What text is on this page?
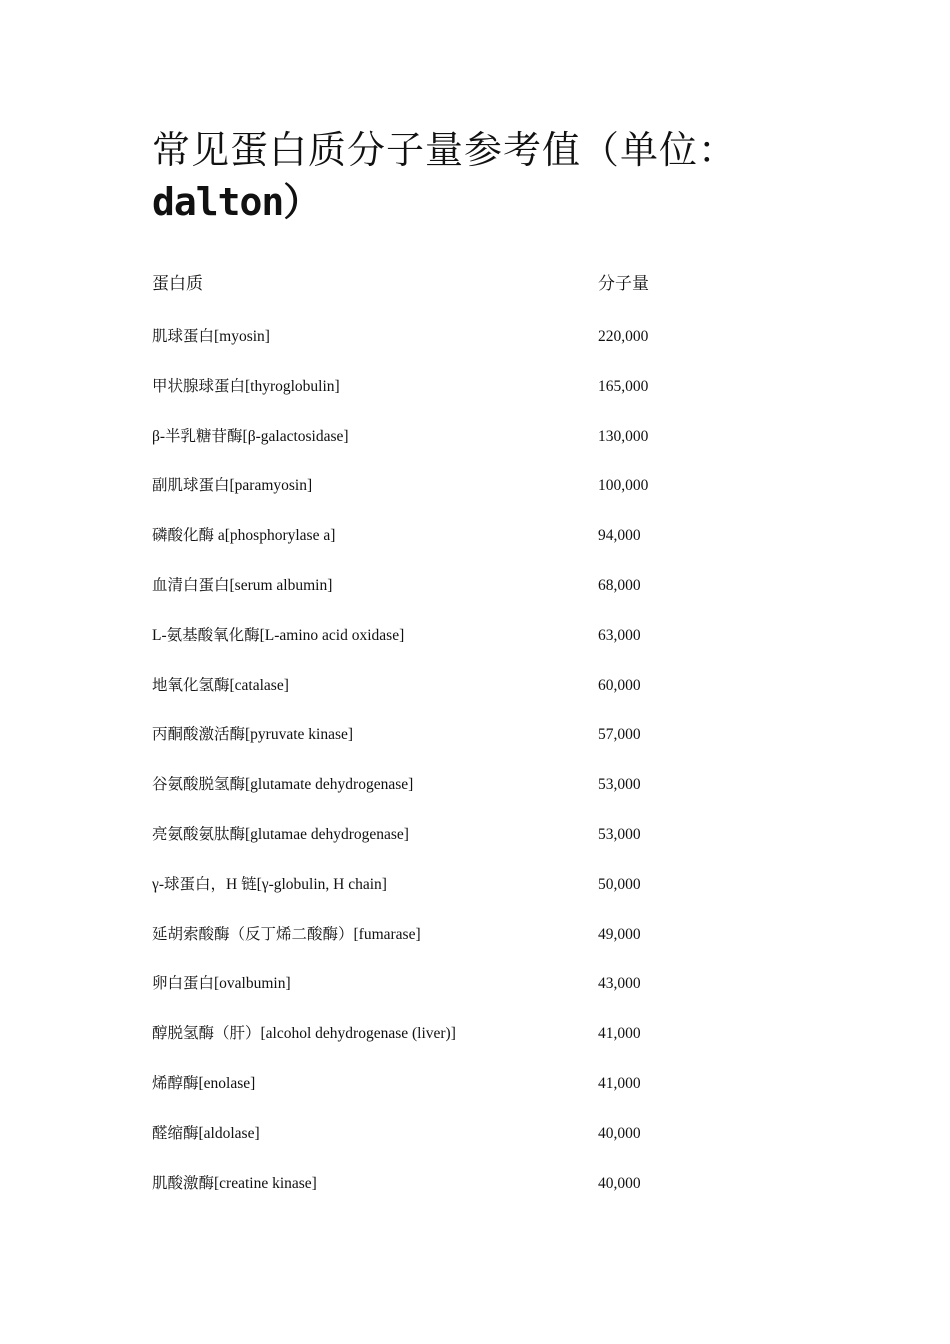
常见蛋白质分子量参考值（单位：
dalton）
蛋白质	分子量
肌球蛋白[myosin]	220,000
甲状腺球蛋白[thyroglobulin]	165,000
β-半乳糖苷酶[β-galactosidase]	130,000
副肌球蛋白[paramyosin]	100,000
磷酸化酶 a[phosphorylase a]	94,000
血清白蛋白[serum albumin]	68,000
L-氨基酸氧化酶[L-amino acid oxidase]	63,000
地氧化氢酶[catalase]	60,000
丙酮酸激活酶[pyruvate kinase]	57,000
谷氨酸脱氢酶[glutamate dehydrogenase]	53,000
亮氨酸氨肽酶[glutamae dehydrogenase]	53,000
γ-球蛋白，H 链[γ-globulin, H chain]	50,000
延胡索酸酶（反丁烯二酸酶）[fumarase]	49,000
卵白蛋白[ovalbumin]	43,000
醇脱氢酶（肝）[alcohol dehydrogenase (liver)]	41,000
烯醇酶[enolase]	41,000
醛缩酶[aldolase]	40,000
肌酸激酶[creatine kinase]	40,000
